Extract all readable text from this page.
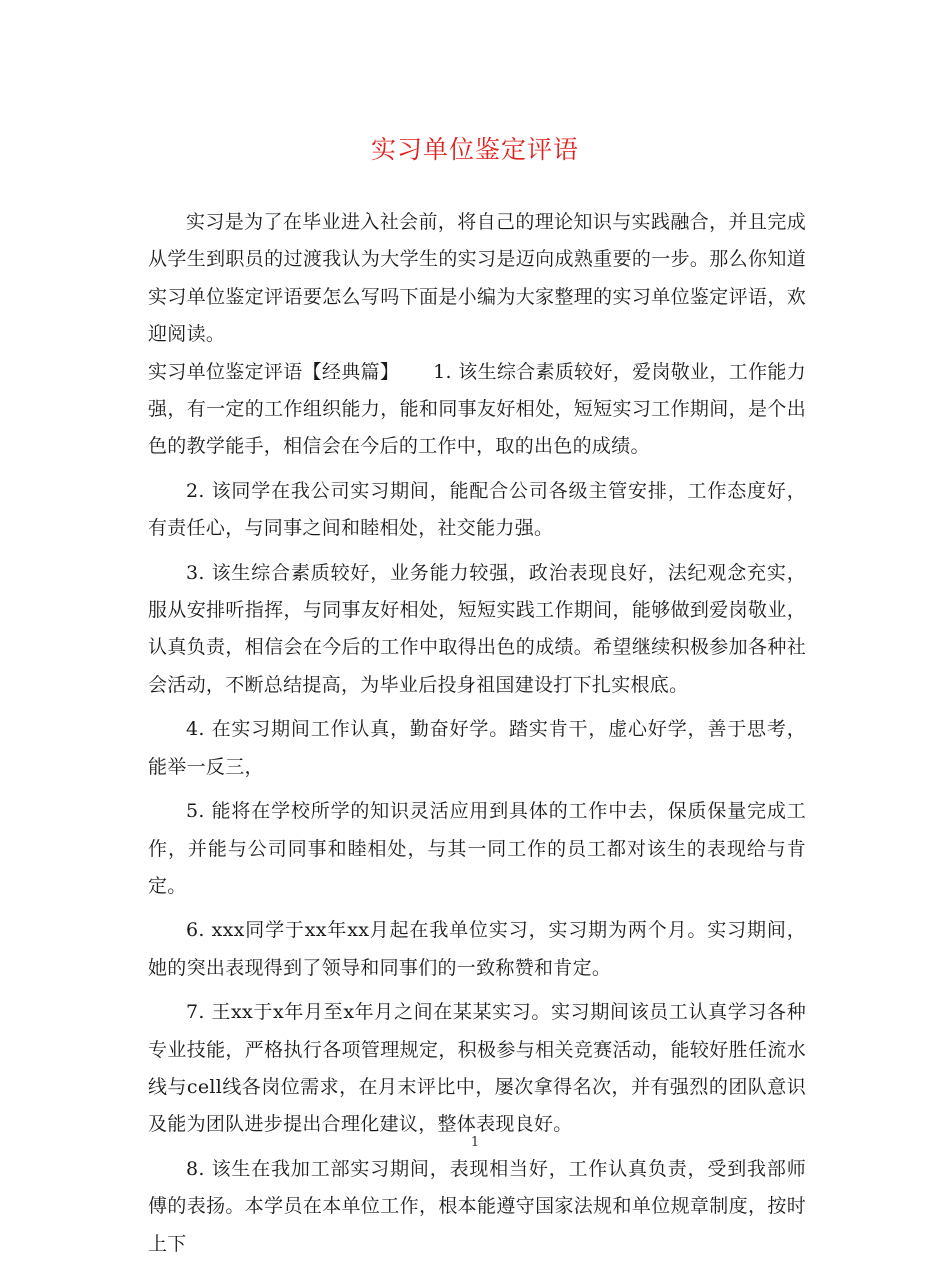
实习单位鉴定评语

实习是为了在毕业进入社会前，将自己的理论知识与实践融合，并且完成从学生到职员的过渡我认为大学生的实习是迈向成熟重要的一步。那么你知道实习单位鉴定评语要怎么写吗下面是小编为大家整理的实习单位鉴定评语，欢迎阅读。

实习单位鉴定评语【经典篇】 1. 该生综合素质较好，爱岗敬业，工作能力强，有一定的工作组织能力，能和同事友好相处，短短实习工作期间，是个出色的教学能手，相信会在今后的工作中，取的出色的成绩。

2. 该同学在我公司实习期间，能配合公司各级主管安排，工作态度好，有责任心，与同事之间和睦相处，社交能力强。

3. 该生综合素质较好，业务能力较强，政治表现良好，法纪观念充实，服从安排听指挥，与同事友好相处，短短实践工作期间，能够做到爱岗敬业，认真负责，相信会在今后的工作中取得出色的成绩。希望继续积极参加各种社会活动，不断总结提高，为毕业后投身祖国建设打下扎实根底。

4. 在实习期间工作认真，勤奋好学。踏实肯干，虚心好学，善于思考，能举一反三，

5. 能将在学校所学的知识灵活应用到具体的工作中去，保质保量完成工作，并能与公司同事和睦相处，与其一同工作的员工都对该生的表现给与肯定。

6. xxx同学于xx年xx月起在我单位实习，实习期为两个月。实习期间，她的突出表现得到了领导和同事们的一致称赞和肯定。

7. 王xx于x年月至x年月之间在某某实习。实习期间该员工认真学习各种专业技能，严格执行各项管理规定，积极参与相关竞赛活动，能较好胜任流水线与cell线各岗位需求，在月末评比中，屡次拿得名次，并有强烈的团队意识及能为团队进步提出合理化建议，整体表现良好。

8. 该生在我加工部实习期间，表现相当好，工作认真负责，受到我部师傅的表扬。本学员在本单位工作，根本能遵守国家法规和单位规章制度，按时上下

1
